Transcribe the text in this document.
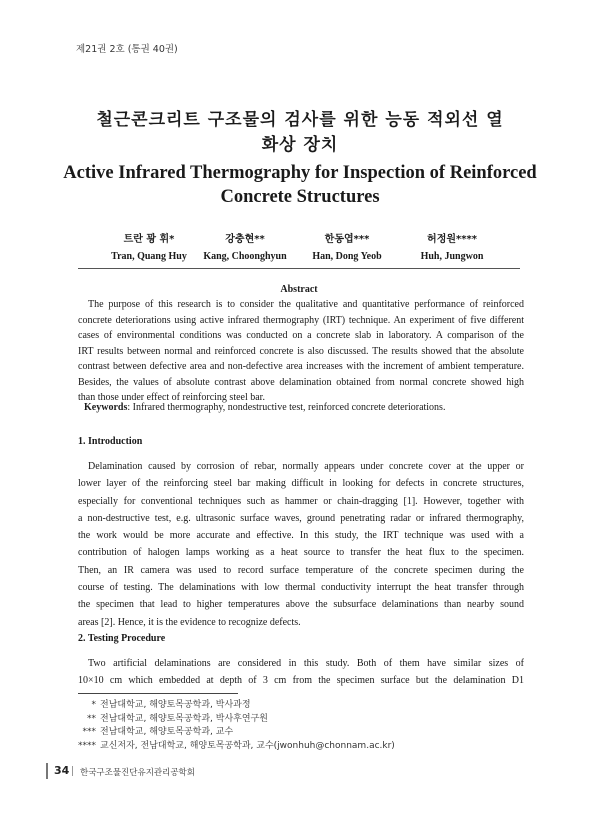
제21권 2호 (통권 40권)
철근콘크리트 구조물의 검사를 위한 능동 적외선 열
화상 장치
Active Infrared Thermography for Inspection of Reinforced
Concrete Structures
트란 꽝 휘*
Tran, Quang Huy
강충현**
Kang, Choonghyun
한동엽***
Han, Dong Yeob
허정원****
Huh, Jungwon
Abstract
The purpose of this research is to consider the qualitative and quantitative performance of reinforced
concrete deteriorations using active infrared thermography (IRT) technique. An experiment of five different
cases of environmental conditions was conducted on a concrete slab in laboratory. A comparison of the
IRT results between normal and reinforced concrete is also discussed. The results showed that the absolute
contrast between defective area and non-defective area increases with the increment of ambient temperature.
Besides, the values of absolute contrast above delamination obtained from normal concrete showed high
than those under effect of reinforcing steel bar.
Keywords: Infrared thermography, nondestructive test, reinforced concrete deteriorations.
1. Introduction
Delamination caused by corrosion of rebar, normally appears under concrete cover at the upper or
lower layer of the reinforcing steel bar making difficult in looking for defects in concrete structures,
especially for conventional techniques such as hammer or chain-dragging [1]. However, together with
a non-destructive test, e.g. ultrasonic surface waves, ground penetrating radar or infrared thermography,
the work would be more accurate and effective. In this study, the IRT technique was used with a
contribution of halogen lamps working as a heat source to transfer the heat flux to the specimen.
Then, an IR camera was used to record surface temperature of the concrete specimen during the
course of testing. The delaminations with low thermal conductivity interrupt the heat transfer through
the specimen that lead to higher temperatures above the subsurface delaminations than nearby sound
areas [2]. Hence, it is the evidence to recognize defects.
2. Testing Procedure
Two artificial delaminations are considered in this study. Both of them have similar sizes of
10×10 cm which embedded at depth of 3 cm from the specimen surface but the delamination D1
* 전남대학교, 해양토목공학과, 박사과정
** 전남대학교, 해양토목공학과, 박사후연구원
*** 전남대학교, 해양토목공학과, 교수
**** 교신저자, 전남대학교, 해양토목공학과, 교수(jwonhuh@chonnam.ac.kr)
34 한국구조물진단유지관리공학회
